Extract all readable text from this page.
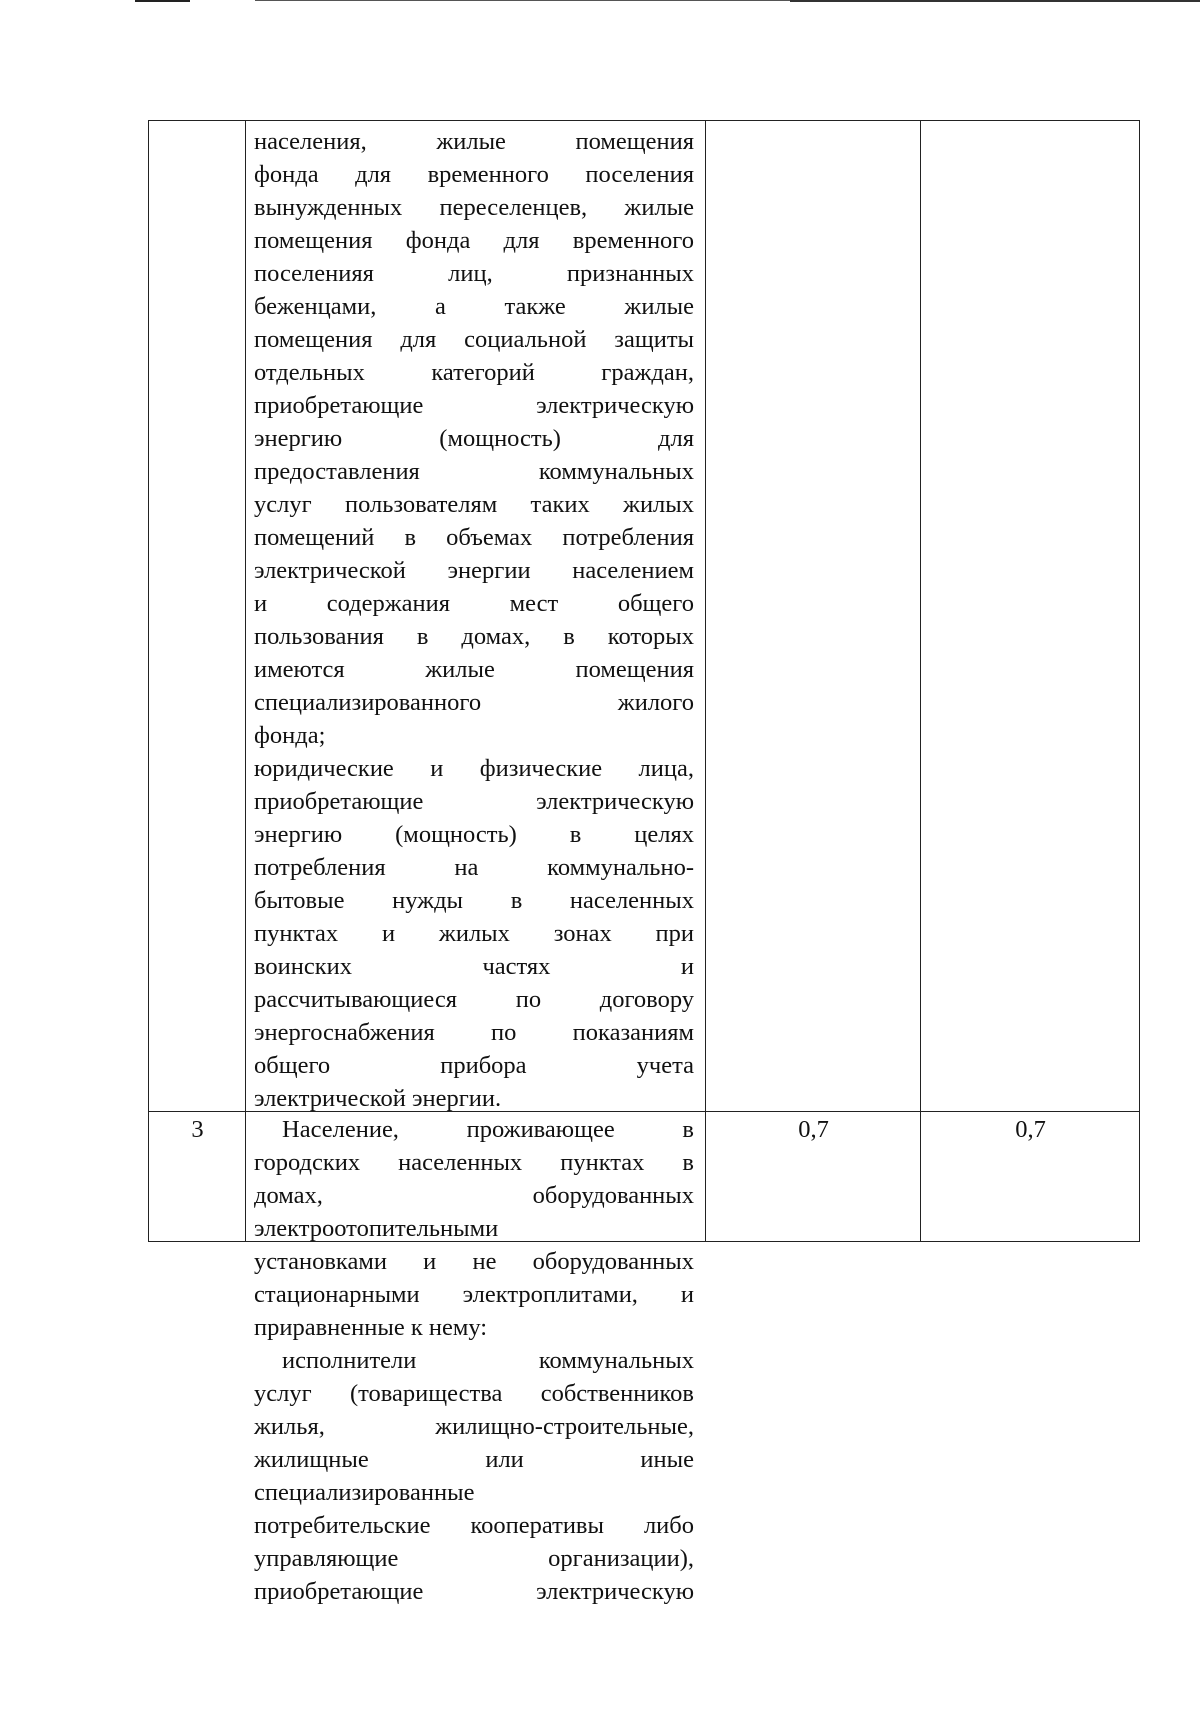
населения, жилые помещения
фонда для временного поселения
вынужденных переселенцев, жилые
помещения фонда для временного
поселенияя лиц, признанных
беженцами, а также жилые
помещения для социальной защиты
отдельных категорий граждан,
приобретающие электрическую
энергию (мощность) для
предоставления коммунальных
услуг пользователям таких жилых
помещений в объемах потребления
электрической энергии населением
и содержания мест общего
пользования в домах, в которых
имеются жилые помещения
специализированного жилого
фонда;
юридические и физические лица,
приобретающие электрическую
энергию (мощность) в целях
потребления на коммунально-
бытовые нужды в населенных
пунктах и жилых зонах при
воинских частях и
рассчитывающиеся по договору
энергоснабжения по показаниям
общего прибора учета
электрической энергии.
3	0,7	0,7
Население, проживающее в
городских населенных пунктах в
домах, оборудованных
электроотопительными
установками и не оборудованных
стационарными электроплитами, и
приравненные к нему:
исполнители коммунальных
услуг (товарищества собственников
жилья, жилищно-строительные,
жилищные или иные
специализированные
потребительские кооперативы либо
управляющие организации),
приобретающие электрическую
